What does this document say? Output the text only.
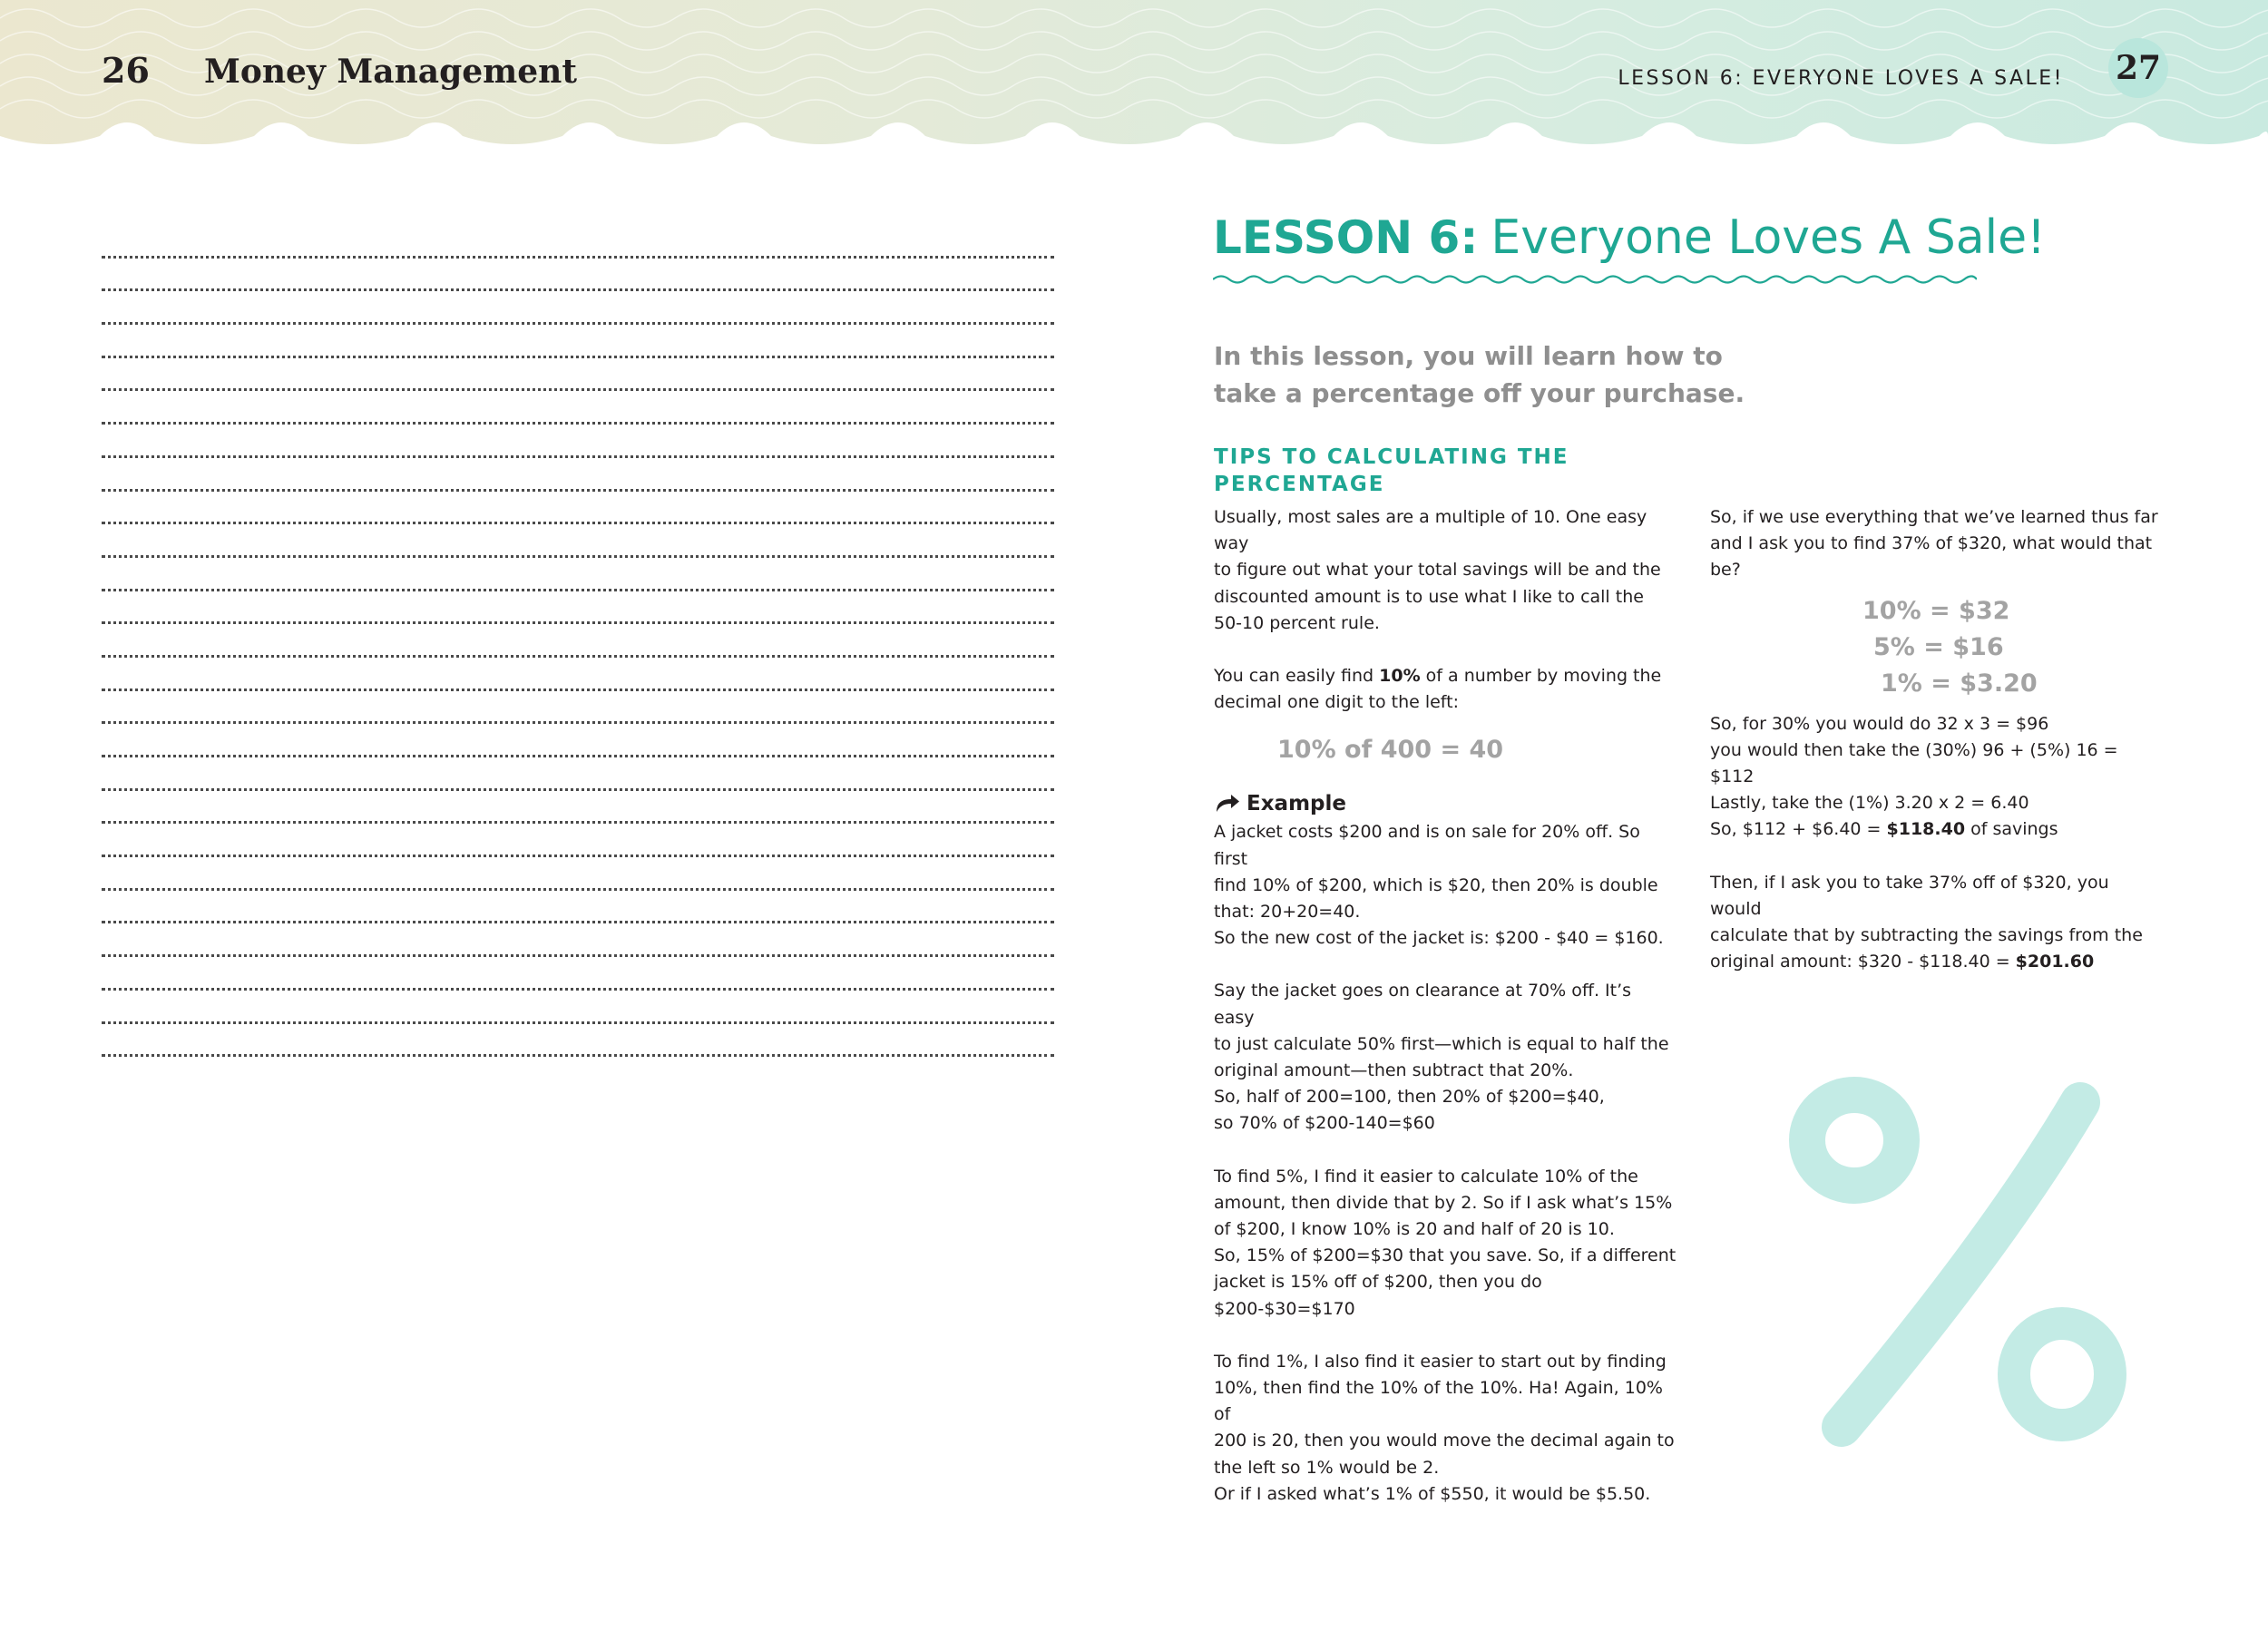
26 Money Management	LESSON 6: EVERYONE LOVES A SALE! 27
LESSON 6: Everyone Loves A Sale!
In this lesson, you will learn how to take a percentage off your purchase.
TIPS TO CALCULATING THE PERCENTAGE

Usually, most sales are a multiple of 10. One easy way
to figure out what your total savings will be and the
discounted amount is to use what I like to call the
50-10 percent rule.

You can easily find 10% of a number by moving the
decimal one digit to the left:

10% of 400 = 40
Example

A jacket costs $200 and is on sale for 20% off. So first
find 10% of $200, which is $20, then 20% is double
that: 20+20=40.
So the new cost of the jacket is: $200 - $40 = $160.

Say the jacket goes on clearance at 70% off. It’s easy
to just calculate 50% first—which is equal to half the
original amount—then subtract that 20%.
So, half of 200=100, then 20% of $200=$40,
so 70% of $200-140=$60

To find 5%, I find it easier to calculate 10% of the
amount, then divide that by 2. So if I ask what’s 15%
of $200, I know 10% is 20 and half of 20 is 10.
So, 15% of $200=$30 that you save. So, if a different
jacket is 15% off of $200, then you do $200-$30=$170

To find 1%, I also find it easier to start out by finding
10%, then find the 10% of the 10%. Ha! Again, 10% of
200 is 20, then you would move the decimal again to
the left so 1% would be 2.
Or if I asked what’s 1% of $550, it would be $5.50.

So, if we use everything that we’ve learned thus far
and I ask you to find 37% of $320, what would that
be?

10% = $32
5% = $16
1% = $3.20

So, for 30% you would do 32 x 3 = $96
you would then take the (30%) 96 + (5%) 16 = $112
Lastly, take the (1%) 3.20 x 2 = 6.40

So, $112 + $6.40 = $118.40 of savings

Then, if I ask you to take 37% off of $320, you would
calculate that by subtracting the savings from the
original amount: $320 - $118.40 = $201.60
